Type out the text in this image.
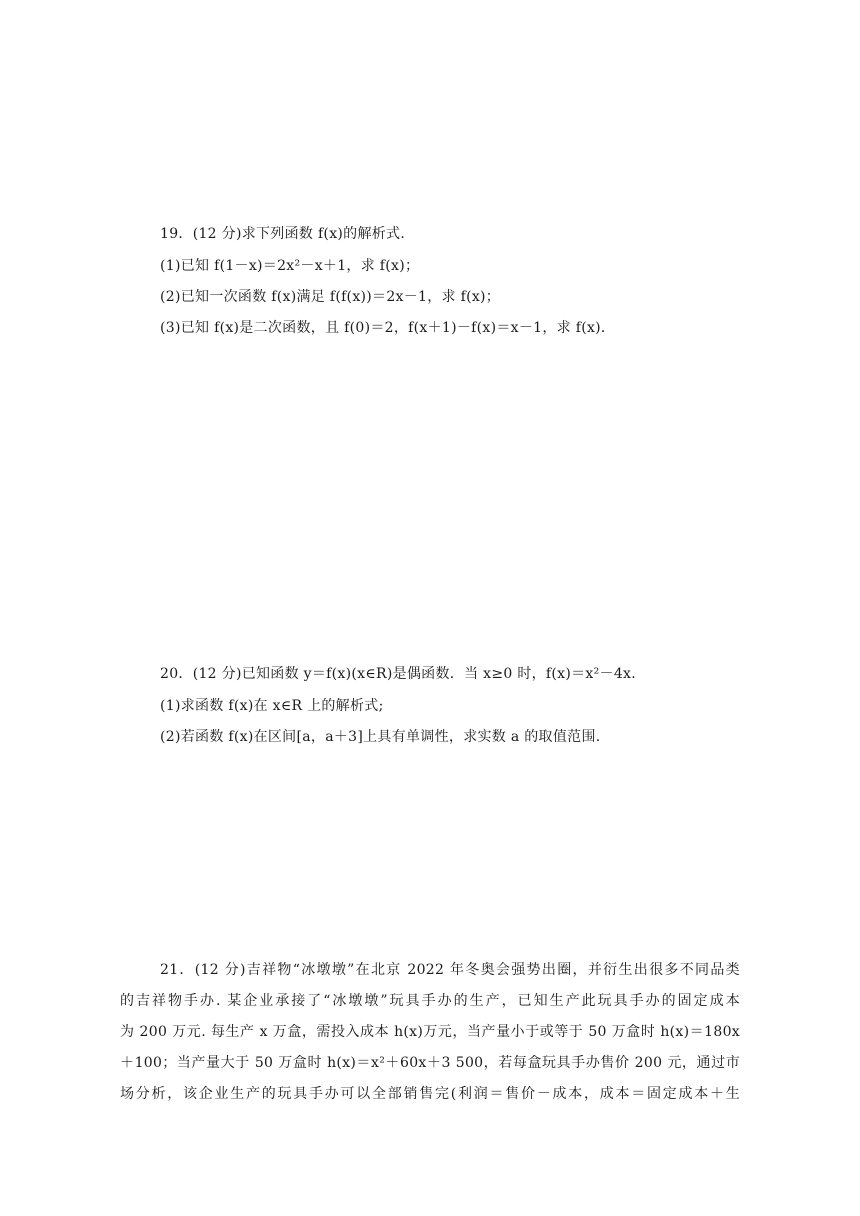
19．(12 分)求下列函数 f(x)的解析式．
(1)已知 f(1－x)＝2x²－x＋1，求 f(x)；
(2)已知一次函数 f(x)满足 f(f(x))＝2x－1，求 f(x)；
(3)已知 f(x)是二次函数，且 f(0)＝2，f(x＋1)－f(x)＝x－1，求 f(x)．
20．(12 分)已知函数 y＝f(x)(x∈R)是偶函数．当 x≥0 时，f(x)＝x²－4x.
(1)求函数 f(x)在 x∈R 上的解析式;
(2)若函数 f(x)在区间[a，a＋3]上具有单调性，求实数 a 的取值范围.
21．(12 分)吉祥物“冰墩墩”在北京 2022 年冬奥会强势出圈，并衍生出很多不同品类
的吉祥物手办. 某企业承接了“冰墩墩”玩具手办的生产，已知生产此玩具手办的固定成本
为 200 万元. 每生产 x 万盒，需投入成本 h(x)万元，当产量小于或等于 50 万盒时 h(x)＝180x
＋100；当产量大于 50 万盒时 h(x)＝x²＋60x＋3 500，若每盒玩具手办售价 200 元，通过市
场分析，该企业生产的玩具手办可以全部销售完(利润＝售价－成本，成本＝固定成本＋生
